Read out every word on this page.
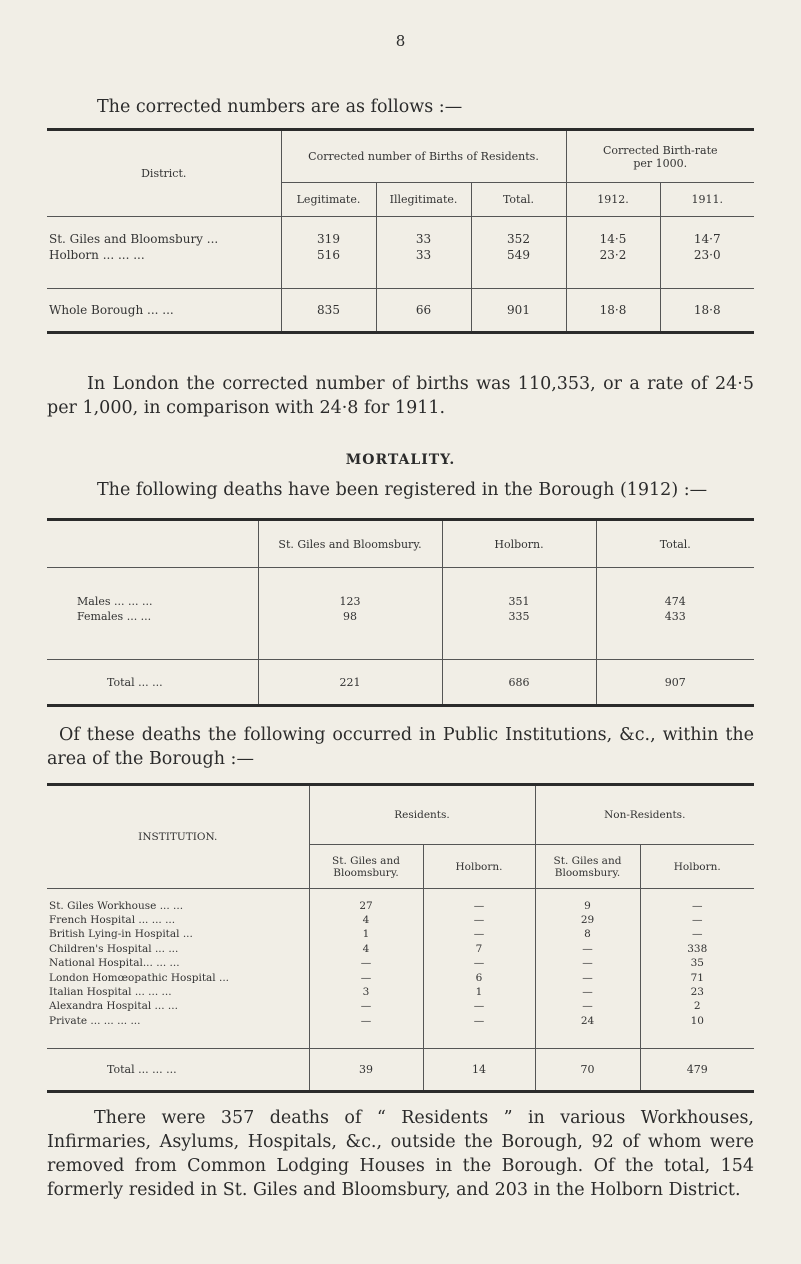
8
The corrected numbers are as follows :—
District.	Corrected number of Births of Residents.			Corrected Birth-rate per 1000.	
	Legitimate.	Illegitimate.	Total.	1912.	1911.

St. Giles and Bloomsbury ...	319	33	352	14·5	14·7
Holborn ... ... ...	516	33	549	23·2	23·0

Whole Borough ... ...	835	66	901	18·8	18·8
In London the corrected number of births was 110,353, or a rate of 24·5 per 1,000, in comparison with 24·8 for 1911.
MORTALITY.
The following deaths have been registered in the Borough (1912) :—
	St. Giles and Bloomsbury.	Holborn.	Total.

Males ... ... ...	123	351	474
Females ... ...	98	335	433

Total ... ...	221	686	907
Of these deaths the following occurred in Public Institutions, &c., within the area of the Borough :—
INSTITUTION.	Residents.		Non-Residents.	
	St. Giles and Bloomsbury.	Holborn.	St. Giles and Bloomsbury.	Holborn.

St. Giles Workhouse ... ...	27	—	9	—
French Hospital ... ... ...	4	—	29	—
British Lying-in Hospital ...	1	—	8	—
Children's Hospital ... ...	4	7	—	338
National Hospital... ... ...	—	—	—	35
London Homœopathic Hospital ...	—	6	—	71
Italian Hospital ... ... ...	3	1	—	23
Alexandra Hospital ... ...	—	—	—	2
Private ... ... ... ...	—	—	24	10

Total ... ... ...	39	14	70	479
There were 357 deaths of “ Residents ” in various Workhouses, Infirmaries, Asylums, Hospitals, &c., outside the Borough, 92 of whom were removed from Common Lodging Houses in the Borough. Of the total, 154 formerly resided in St. Giles and Bloomsbury, and 203 in the Holborn District.
